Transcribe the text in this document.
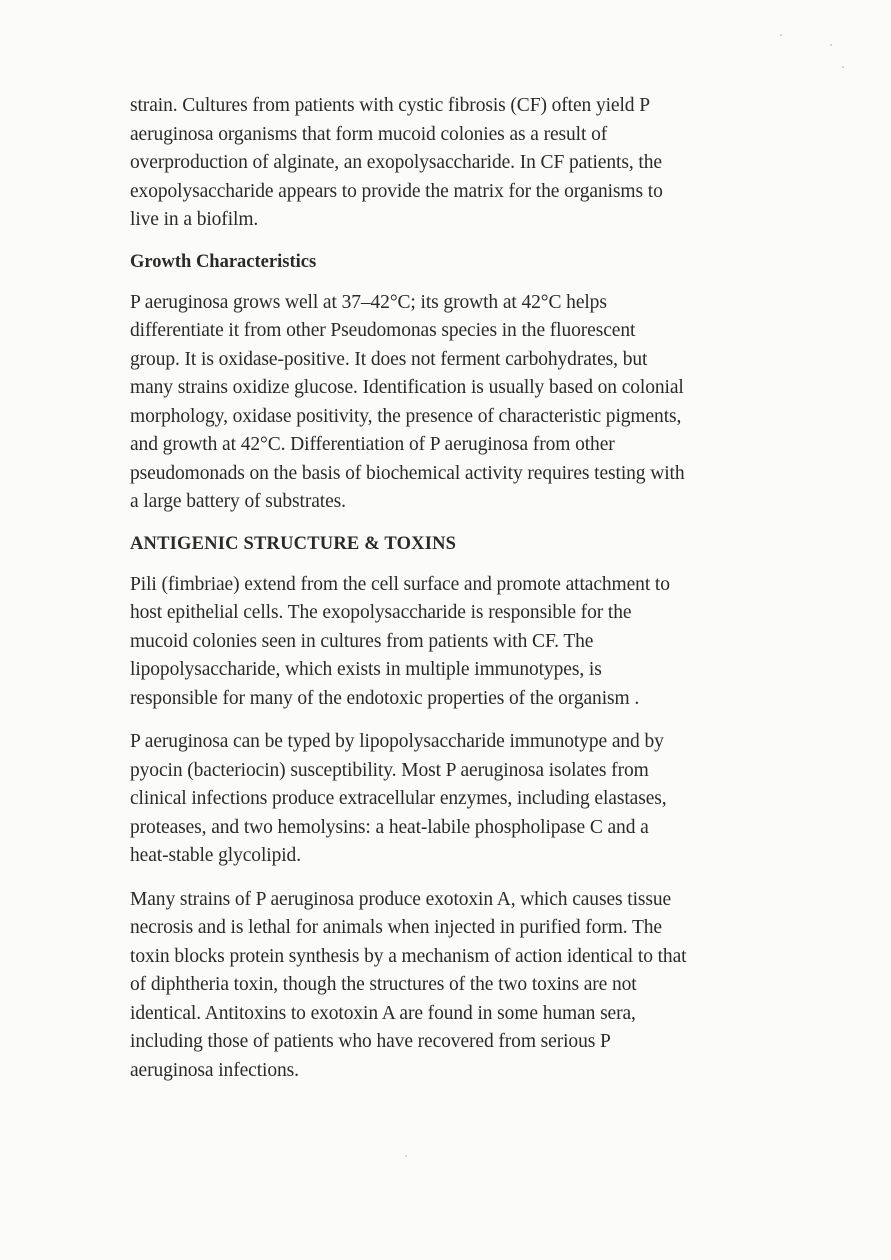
strain. Cultures from patients with cystic fibrosis (CF) often yield P
aeruginosa organisms that form mucoid colonies as a result of
overproduction of alginate, an exopolysaccharide. In CF patients, the
exopolysaccharide appears to provide the matrix for the organisms to
live in a biofilm.

Growth Characteristics

P aeruginosa grows well at 37–42°C; its growth at 42°C helps
differentiate it from other Pseudomonas species in the fluorescent
group. It is oxidase-positive. It does not ferment carbohydrates, but
many strains oxidize glucose. Identification is usually based on colonial
morphology, oxidase positivity, the presence of characteristic pigments,
and growth at 42°C. Differentiation of P aeruginosa from other
pseudomonads on the basis of biochemical activity requires testing with
a large battery of substrates.

ANTIGENIC STRUCTURE & TOXINS

Pili (fimbriae) extend from the cell surface and promote attachment to
host epithelial cells. The exopolysaccharide is responsible for the
mucoid colonies seen in cultures from patients with CF. The
lipopolysaccharide, which exists in multiple immunotypes, is
responsible for many of the endotoxic properties of the organism .

P aeruginosa can be typed by lipopolysaccharide immunotype and by
pyocin (bacteriocin) susceptibility. Most P aeruginosa isolates from
clinical infections produce extracellular enzymes, including elastases,
proteases, and two hemolysins: a heat-labile phospholipase C and a
heat-stable glycolipid.

Many strains of P aeruginosa produce exotoxin A, which causes tissue
necrosis and is lethal for animals when injected in purified form. The
toxin blocks protein synthesis by a mechanism of action identical to that
of diphtheria toxin, though the structures of the two toxins are not
identical. Antitoxins to exotoxin A are found in some human sera,
including those of patients who have recovered from serious P
aeruginosa infections.
